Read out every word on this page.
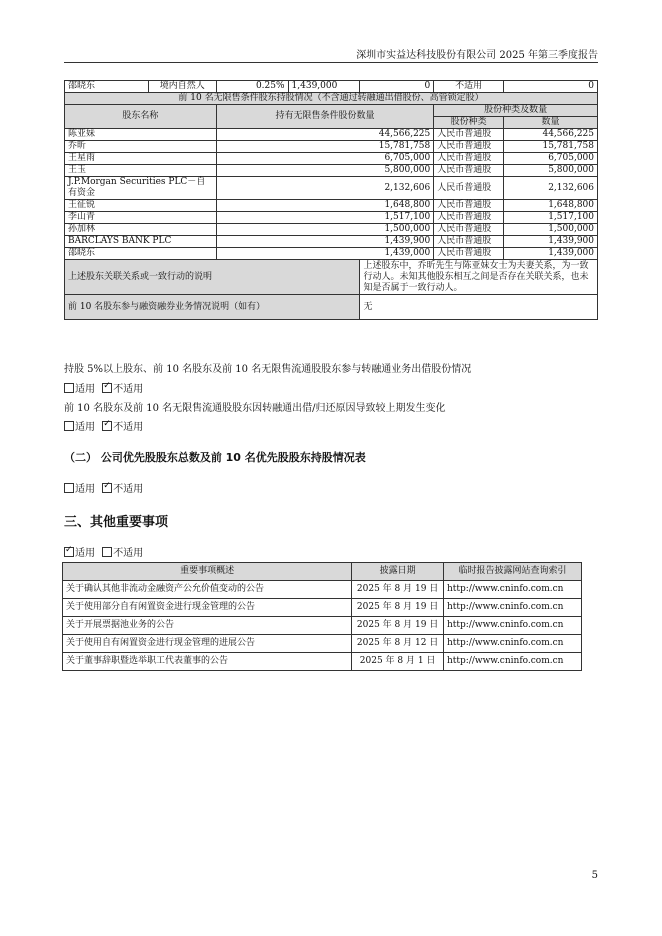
深圳市实益达科技股份有限公司 2025 年第三季度报告
邵晓东	境内自然人	0.25%	1,439,000	0	不适用	0
前 10 名无限售条件股东持股情况（不含通过转融通出借股份、高管锁定股）						
股东名称		持有无限售条件股份数量			股份种类及数量	
					股份种类	数量
陈亚妹		44,566,225			人民币普通股	44,566,225
乔昕		15,781,758			人民币普通股	15,781,758
王星雨		6,705,000			人民币普通股	6,705,000
王玉		5,800,000			人民币普通股	5,800,000
J.P.Morgan Securities PLC－自有资金		2,132,606			人民币普通股	2,132,606
王征锐		1,648,800			人民币普通股	1,648,800
李山青		1,517,100			人民币普通股	1,517,100
孙加林		1,500,000			人民币普通股	1,500,000
BARCLAYS BANK PLC		1,439,900			人民币普通股	1,439,900
邵晓东		1,439,000			人民币普通股	1,439,000
上述股东关联关系或一致行动的说明				上述股东中，乔昕先生与陈亚妹女士为夫妻关系，为一致行动人。未知其他股东相互之间是否存在关联关系，也未知是否属于一致行动人。		
前 10 名股东参与融资融券业务情况说明（如有）				无		
持股 5%以上股东、前 10 名股东及前 10 名无限售流通股股东参与转融通业务出借股份情况
适用 ✓ 不适用
前 10 名股东及前 10 名无限售流通股股东因转融通出借/归还原因导致较上期发生变化
适用 ✓ 不适用
（二） 公司优先股股东总数及前 10 名优先股股东持股情况表
适用 ✓ 不适用
三、其他重要事项
✓适用 不适用
重要事项概述	披露日期	临时报告披露网站查询索引
关于确认其他非流动金融资产公允价值变动的公告	2025 年 8 月 19 日	http://www.cninfo.com.cn
关于使用部分自有闲置资金进行现金管理的公告	2025 年 8 月 19 日	http://www.cninfo.com.cn
关于开展票据池业务的公告	2025 年 8 月 19 日	http://www.cninfo.com.cn
关于使用自有闲置资金进行现金管理的进展公告	2025 年 8 月 12 日	http://www.cninfo.com.cn
关于董事辞职暨选举职工代表董事的公告	2025 年 8 月 1 日	http://www.cninfo.com.cn
5
